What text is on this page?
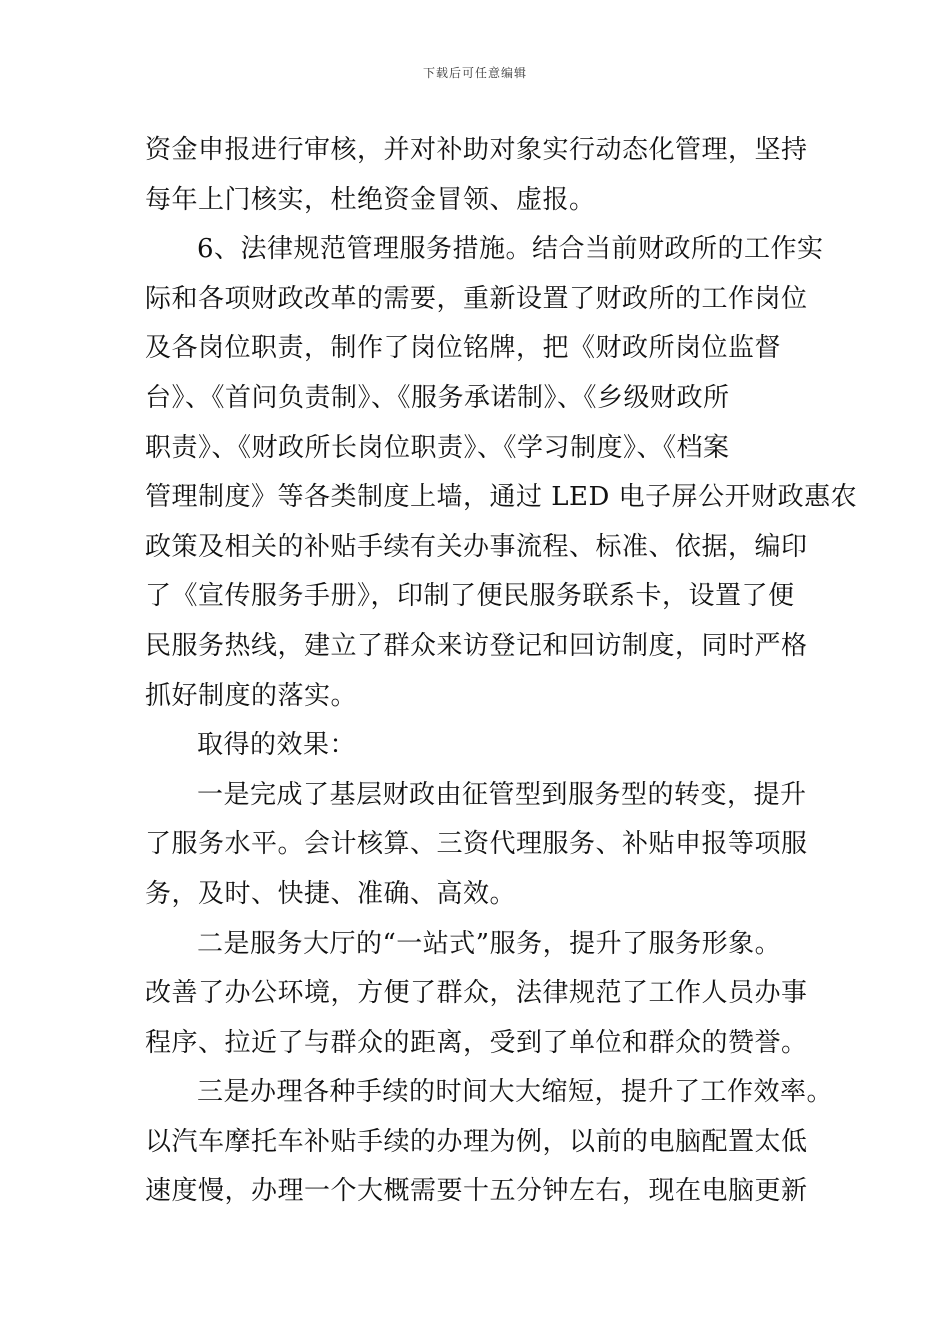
下载后可任意编辑
资金申报进行审核，并对补助对象实行动态化管理，坚持
每年上门核实，杜绝资金冒领、虚报。
6、法律规范管理服务措施。结合当前财政所的工作实
际和各项财政改革的需要，重新设置了财政所的工作岗位
及各岗位职责，制作了岗位铭牌，把《财政所岗位监督
台》、《首问负责制》、《服务承诺制》、《乡级财政所
职责》、《财政所长岗位职责》、《学习制度》、《档案
管理制度》等各类制度上墙，通过 LED 电子屏公开财政惠农
政策及相关的补贴手续有关办事流程、标准、依据，编印
了《宣传服务手册》，印制了便民服务联系卡，设置了便
民服务热线，建立了群众来访登记和回访制度，同时严格
抓好制度的落实。
取得的效果：
一是完成了基层财政由征管型到服务型的转变，提升
了服务水平。会计核算、三资代理服务、补贴申报等项服
务，及时、快捷、准确、高效。
二是服务大厅的“一站式”服务，提升了服务形象。
改善了办公环境，方便了群众，法律规范了工作人员办事
程序、拉近了与群众的距离，受到了单位和群众的赞誉。
三是办理各种手续的时间大大缩短，提升了工作效率。
以汽车摩托车补贴手续的办理为例，以前的电脑配置太低
速度慢，办理一个大概需要十五分钟左右，现在电脑更新
